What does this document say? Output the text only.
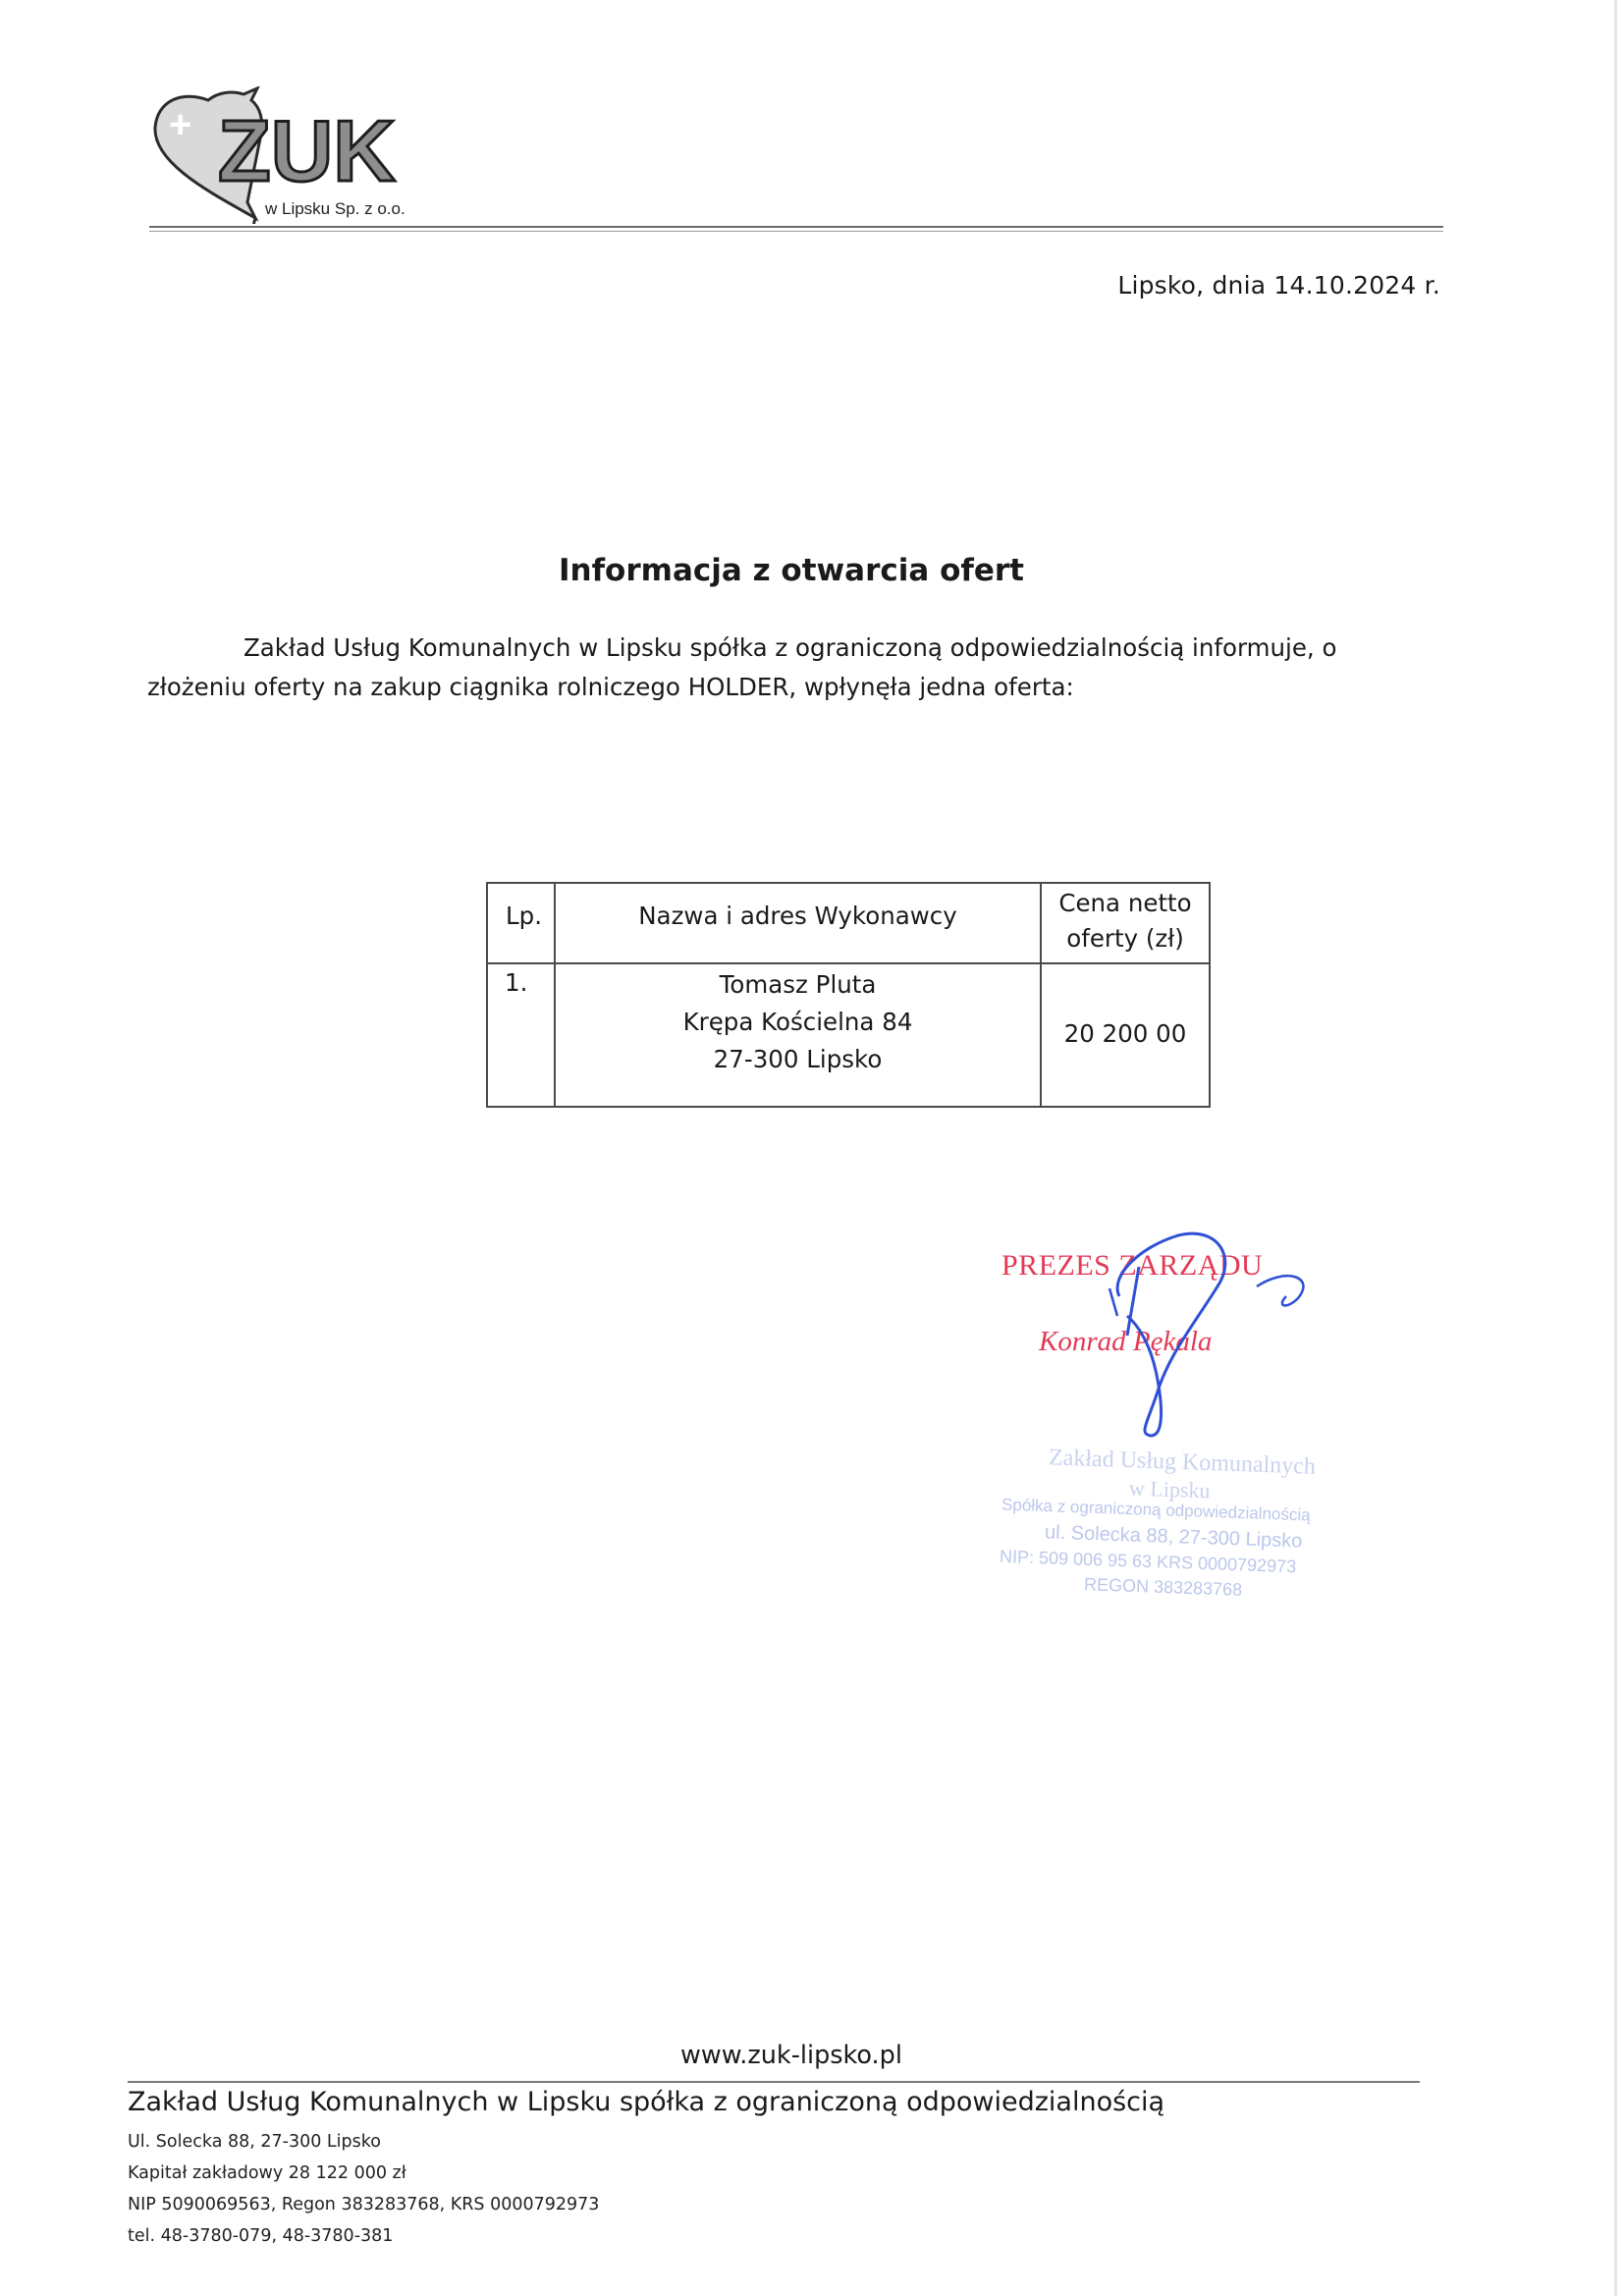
+ ZUK
w Lipsku Sp. z o.o.
Lipsko, dnia 14.10.2024 r.
Informacja z otwarcia ofert
Zakład Usług Komunalnych w Lipsku spółka z ograniczoną odpowiedzialnością informuje, o
złożeniu oferty na zakup ciągnika rolniczego HOLDER, wpłynęła jedna oferta:
Lp.	Nazwa i adres Wykonawcy	Cena netto
oferty (zł)

1.	Tomasz Pluta
Krępa Kościelna 84
27-300 Lipsko	20 200 00
PREZES ZARZĄDU
Konrad Pękala
Zakład Usług Komunalnych
w Lipsku
Spółka z ograniczoną odpowiedzialnością
ul. Solecka 88, 27-300 Lipsko
NIP: 509 006 95 63 KRS 0000792973
REGON 383283768
www.zuk-lipsko.pl
Zakład Usług Komunalnych w Lipsku spółka z ograniczoną odpowiedzialnością
Ul. Solecka 88, 27-300 Lipsko
Kapitał zakładowy 28 122 000 zł
NIP 5090069563, Regon 383283768, KRS 0000792973
tel. 48-3780-079, 48-3780-381
